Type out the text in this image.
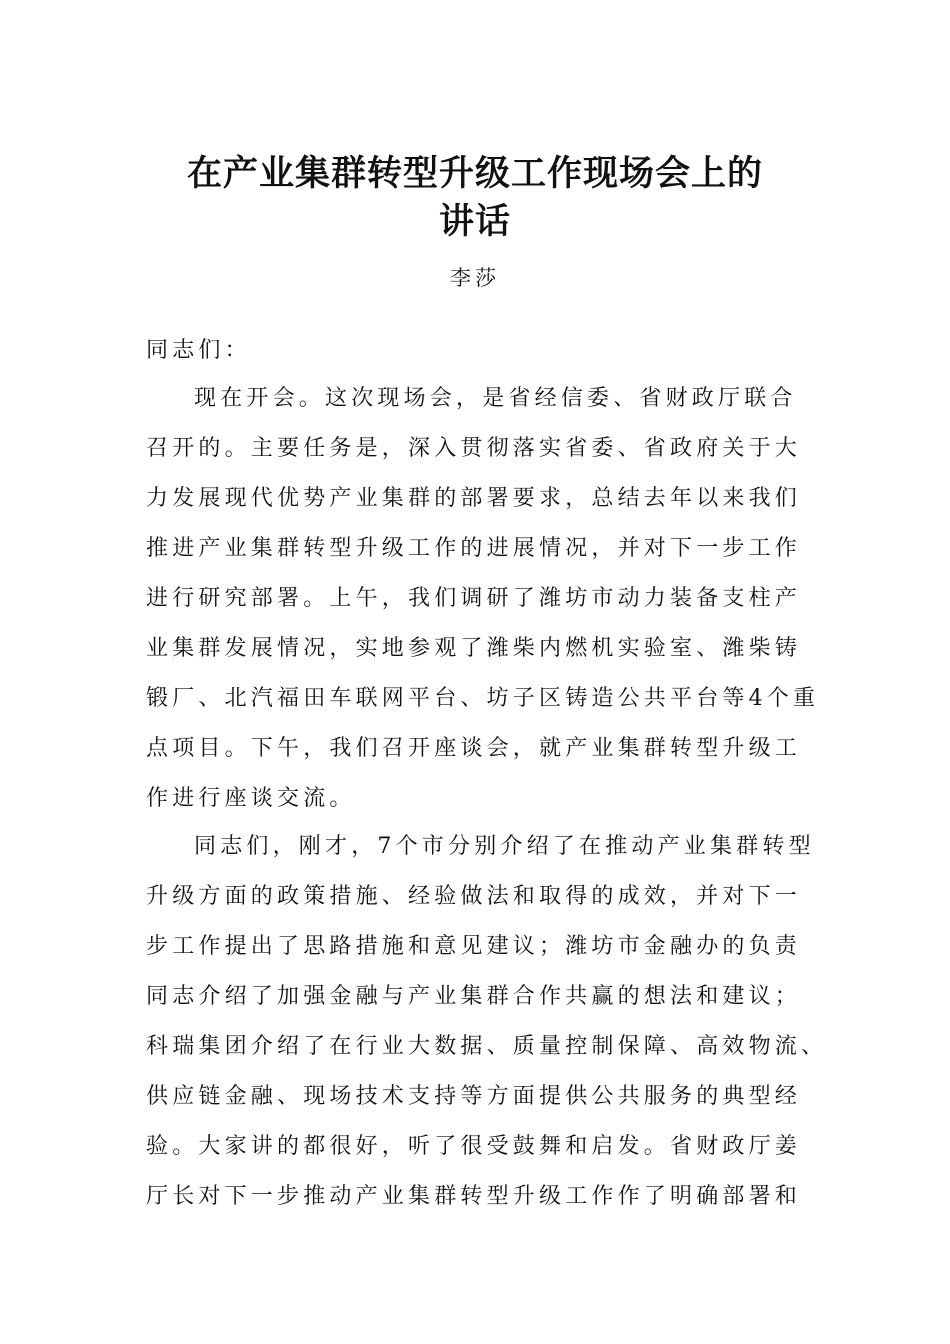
在产业集群转型升级工作现场会上的
讲话
李莎
同志们：
现在开会。这次现场会，是省经信委、省财政厅联合
召开的。主要任务是，深入贯彻落实省委、省政府关于大
力发展现代优势产业集群的部署要求，总结去年以来我们
推进产业集群转型升级工作的进展情况，并对下一步工作
进行研究部署。上午，我们调研了潍坊市动力装备支柱产
业集群发展情况，实地参观了潍柴内燃机实验室、潍柴铸
锻厂、北汽福田车联网平台、坊子区铸造公共平台等4个重
点项目。下午，我们召开座谈会，就产业集群转型升级工
作进行座谈交流。
同志们，刚才，7个市分别介绍了在推动产业集群转型
升级方面的政策措施、经验做法和取得的成效，并对下一
步工作提出了思路措施和意见建议；潍坊市金融办的负责
同志介绍了加强金融与产业集群合作共赢的想法和建议；
科瑞集团介绍了在行业大数据、质量控制保障、高效物流、
供应链金融、现场技术支持等方面提供公共服务的典型经
验。大家讲的都很好，听了很受鼓舞和启发。省财政厅姜
厅长对下一步推动产业集群转型升级工作作了明确部署和
